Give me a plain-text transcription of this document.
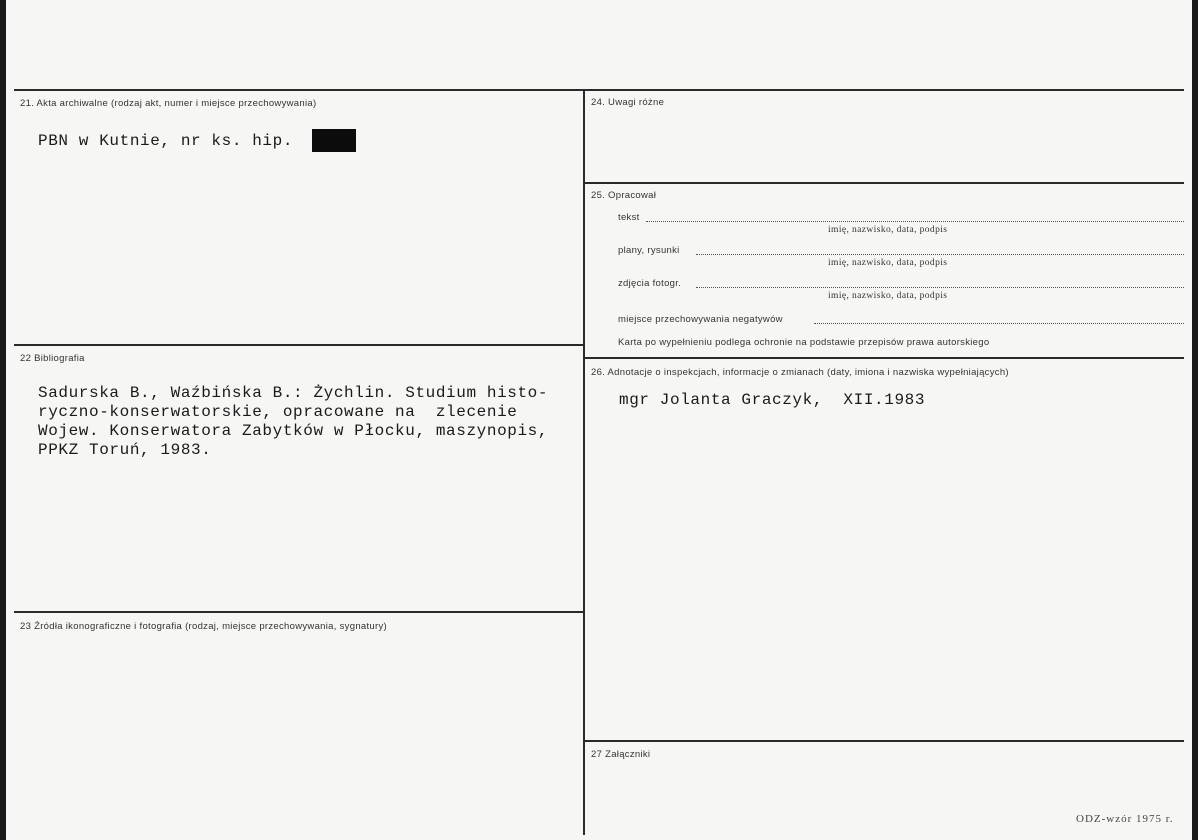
21. Akta archiwalne (rodzaj akt, numer i miejsce przechowywania)
PBN w Kutnie, nr ks. hip.
22 Bibliografia
Sadurska B., Waźbińska B.: Żychlin. Studium histo-
ryczno-konserwatorskie, opracowane na  zlecenie
Wojew. Konserwatora Zabytków w Płocku, maszynopis,
PPKZ Toruń, 1983.
23 Źródła ikonograficzne i fotografia (rodzaj, miejsce przechowywania, sygnatury)
24. Uwagi różne
25. Opracował
tekst
imię, nazwisko, data, podpis
plany, rysunki
imię, nazwisko, data, podpis
zdjęcia fotogr.
imię, nazwisko, data, podpis
miejsce przechowywania negatywów
Karta po wypełnieniu podlega ochronie na podstawie przepisów prawa autorskiego
26. Adnotacje o inspekcjach, informacje o zmianach (daty, imiona i nazwiska wypełniających)
mgr Jolanta Graczyk,  XII.1983
27 Załączniki
ODZ-wzór 1975 r.
